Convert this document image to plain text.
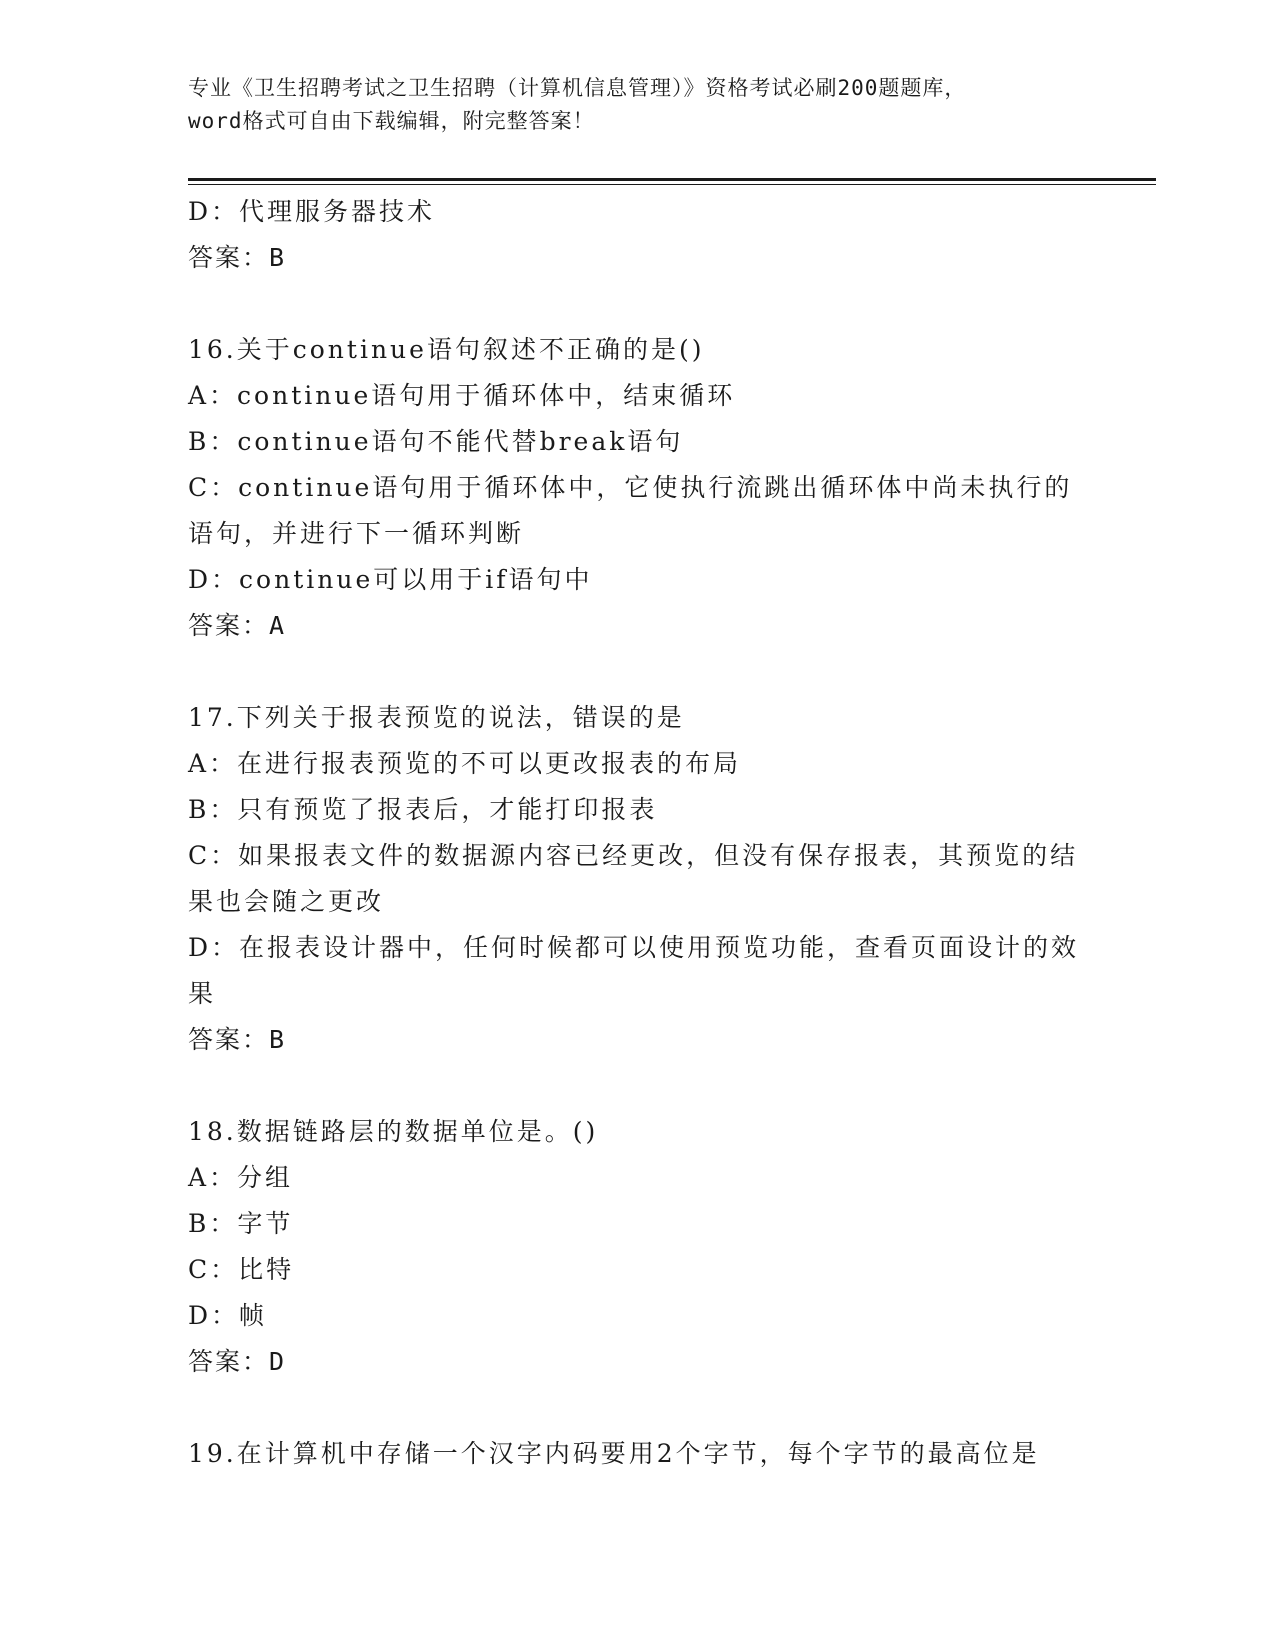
专业《卫生招聘考试之卫生招聘（计算机信息管理）》资格考试必刷200题题库，
word格式可自由下载编辑，附完整答案！
D：代理服务器技术
答案：B
16.关于continue语句叙述不正确的是()
A：continue语句用于循环体中，结束循环
B：continue语句不能代替break语句
C：continue语句用于循环体中，它使执行流跳出循环体中尚未执行的语句，并进行下一循环判断
D：continue可以用于if语句中
答案：A
17.下列关于报表预览的说法，错误的是
A：在进行报表预览的不可以更改报表的布局
B：只有预览了报表后，才能打印报表
C：如果报表文件的数据源内容已经更改，但没有保存报表，其预览的结果也会随之更改
D：在报表设计器中，任何时候都可以使用预览功能，查看页面设计的效果
答案：B
18.数据链路层的数据单位是。()
A：分组
B：字节
C：比特
D：帧
答案：D
19.在计算机中存储一个汉字内码要用2个字节，每个字节的最高位是
